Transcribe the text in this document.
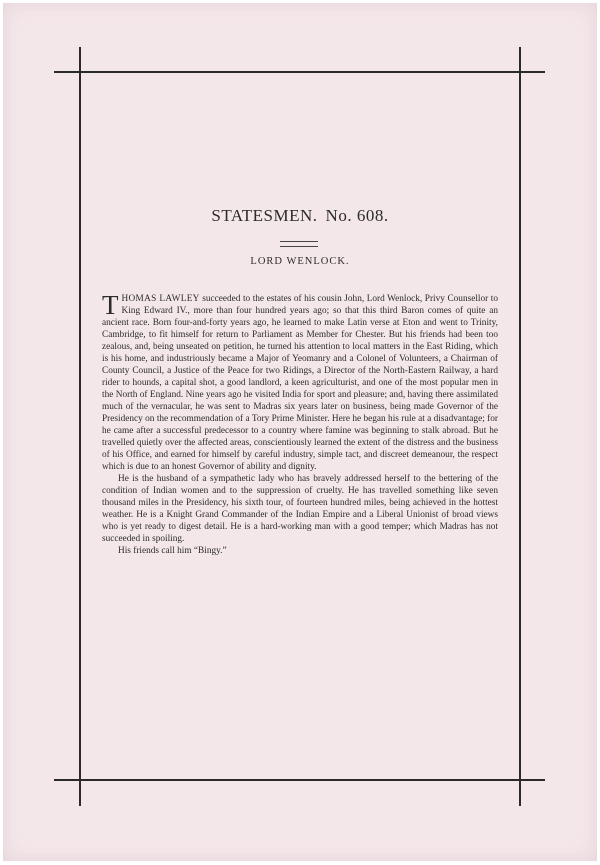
STATESMEN. No. 608.
LORD WENLOCK.

THOMAS LAWLEY succeeded to the estates of his cousin John, Lord Wenlock, Privy Counsellor to King Edward IV., more than four hundred years ago; so that this third Baron comes of quite an ancient race. Born four-and-forty years ago, he learned to make Latin verse at Eton and went to Trinity, Cambridge, to fit himself for return to Parliament as Member for Chester. But his friends had been too zealous, and, being unseated on petition, he turned his attention to local matters in the East Riding, which is his home, and industriously became a Major of Yeomanry and a Colonel of Volunteers, a Chairman of County Council, a Justice of the Peace for two Ridings, a Director of the North-Eastern Railway, a hard rider to hounds, a capital shot, a good landlord, a keen agriculturist, and one of the most popular men in the North of England. Nine years ago he visited India for sport and pleasure; and, having there assimilated much of the vernacular, he was sent to Madras six years later on business, being made Governor of the Presidency on the recommendation of a Tory Prime Minister. Here he began his rule at a disadvantage; for he came after a successful predecessor to a country where famine was beginning to stalk abroad. But he travelled quietly over the affected areas, conscientiously learned the extent of the distress and the business of his Office, and earned for himself by careful industry, simple tact, and discreet demeanour, the respect which is due to an honest Governor of ability and dignity.

He is the husband of a sympathetic lady who has bravely addressed herself to the bettering of the condition of Indian women and to the suppression of cruelty. He has travelled something like seven thousand miles in the Presidency, his sixth tour, of fourteen hundred miles, being achieved in the hottest weather. He is a Knight Grand Commander of the Indian Empire and a Liberal Unionist of broad views who is yet ready to digest detail. He is a hard-working man with a good temper; which Madras has not succeeded in spoiling.

His friends call him “Bingy.”
